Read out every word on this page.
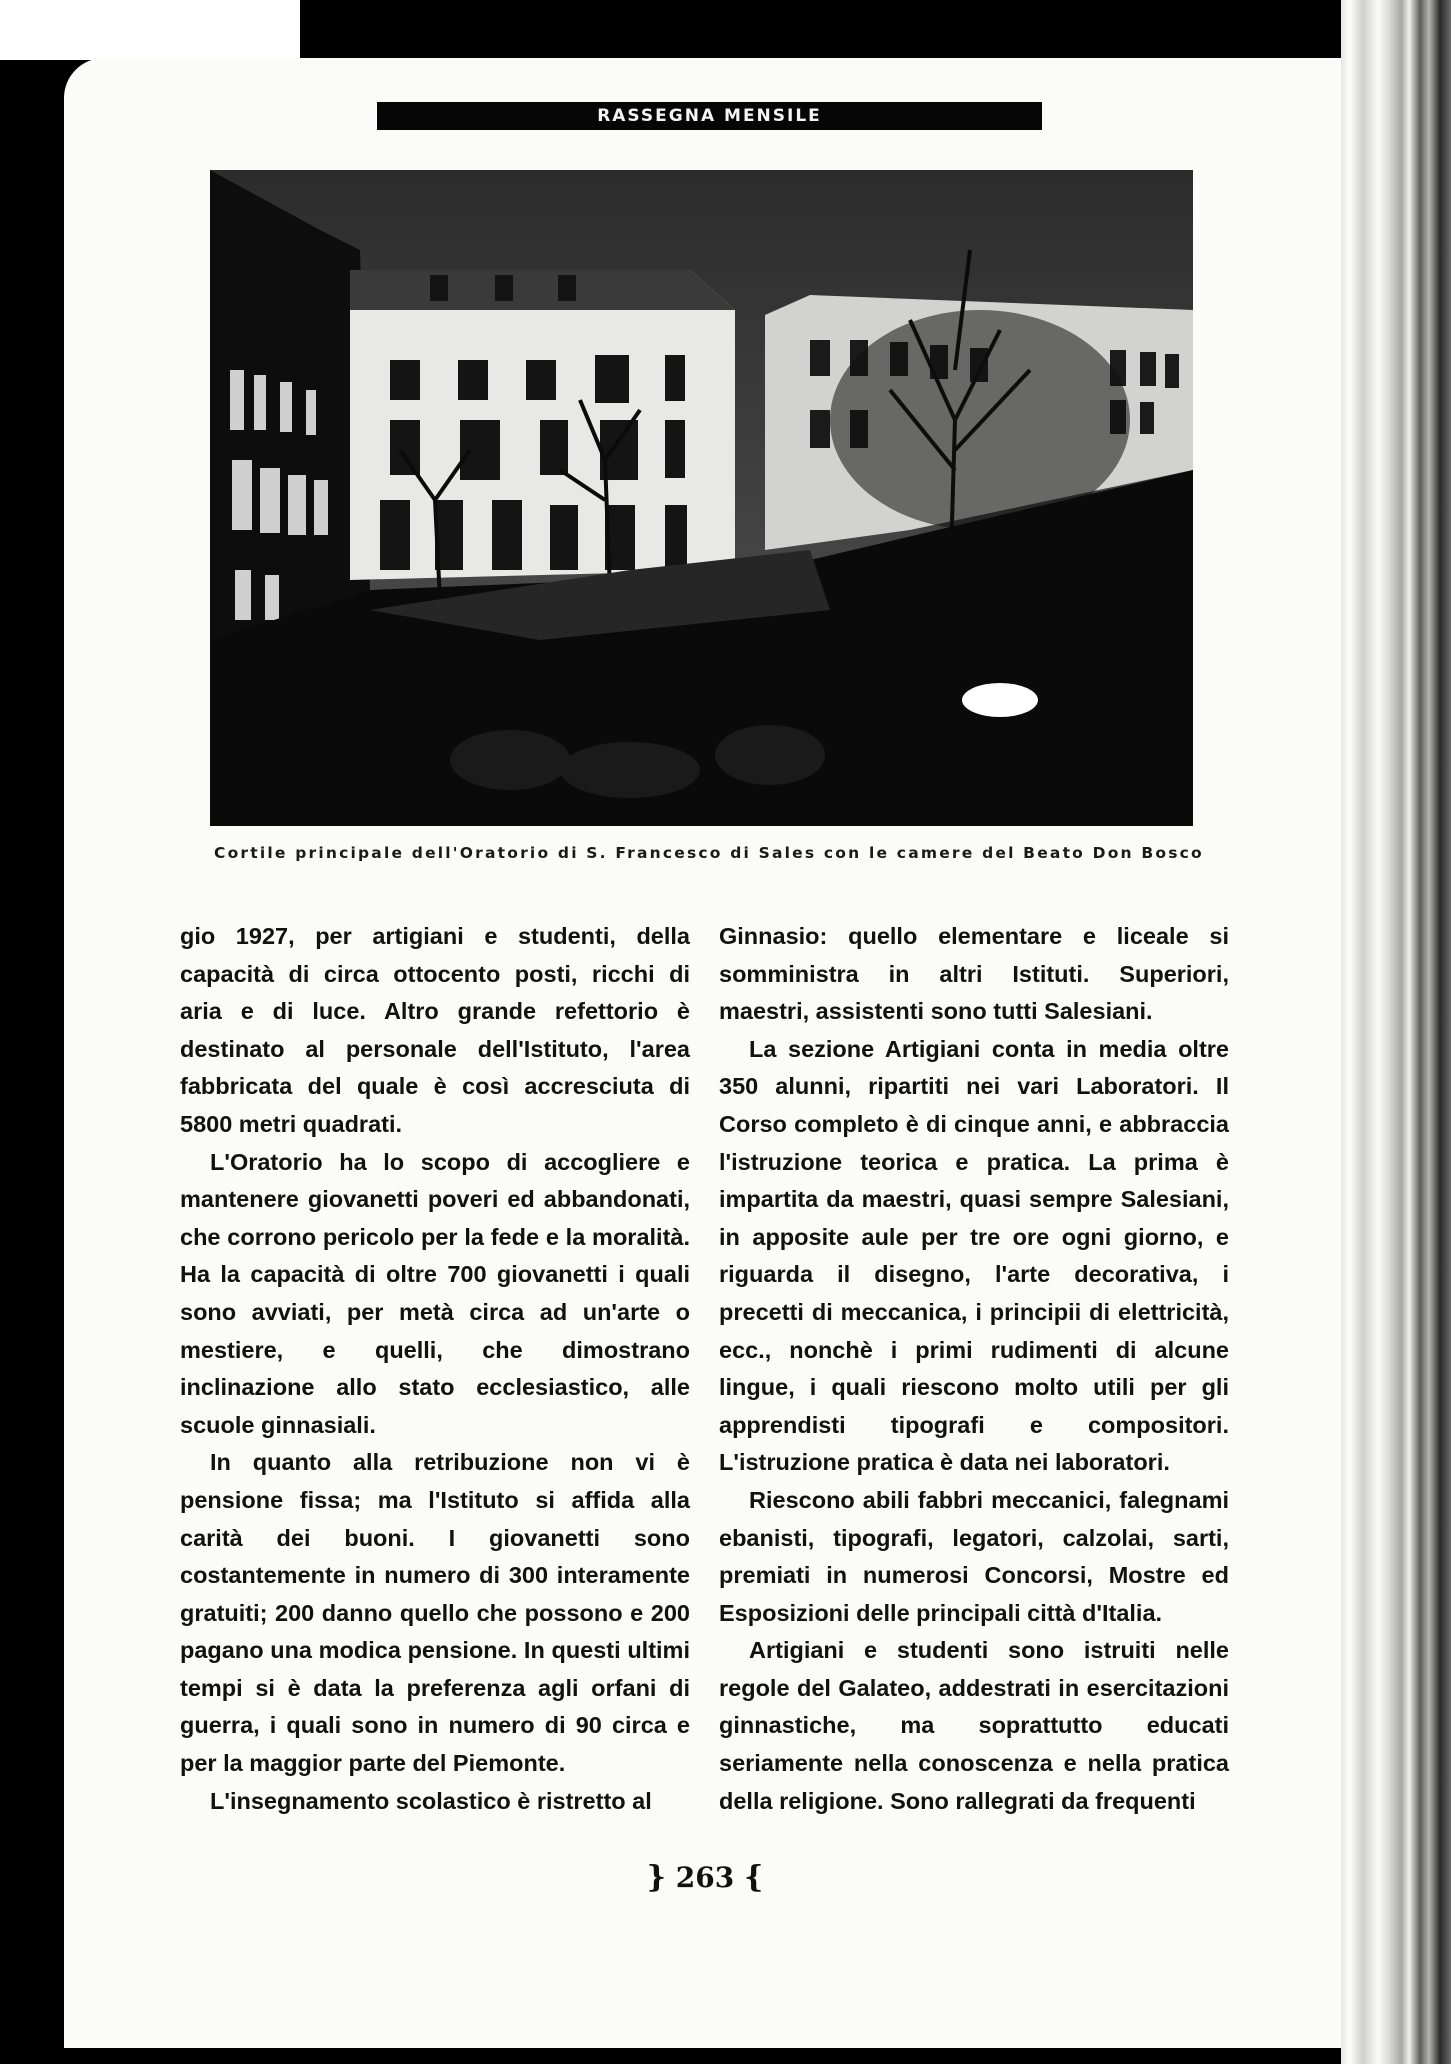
RASSEGNA MENSILE
Cortile principale dell'Oratorio di S. Francesco di Sales con le camere del Beato Don Bosco

gio 1927, per artigiani e studenti, della capacità di circa ottocento posti, ricchi di aria e di luce. Altro grande refettorio è destinato al personale dell'Istituto, l'area fabbricata del quale è così accresciuta di 5800 metri quadrati.

L'Oratorio ha lo scopo di accogliere e mantenere giovanetti poveri ed abbandonati, che corrono pericolo per la fede e la moralità. Ha la capacità di oltre 700 giovanetti i quali sono avviati, per metà circa ad un'arte o mestiere, e quelli, che dimostrano inclinazione allo stato ecclesiastico, alle scuole ginnasiali.

In quanto alla retribuzione non vi è pensione fissa; ma l'Istituto si affida alla carità dei buoni. I giovanetti sono costantemente in numero di 300 interamente gratuiti; 200 danno quello che possono e 200 pagano una modica pensione. In questi ultimi tempi si è data la preferenza agli orfani di guerra, i quali sono in numero di 90 circa e per la maggior parte del Piemonte.

L'insegnamento scolastico è ristretto al

Ginnasio: quello elementare e liceale si somministra in altri Istituti. Superiori, maestri, assistenti sono tutti Salesiani.

La sezione Artigiani conta in media oltre 350 alunni, ripartiti nei vari Laboratori. Il Corso completo è di cinque anni, e abbraccia l'istruzione teorica e pratica. La prima è impartita da maestri, quasi sempre Salesiani, in apposite aule per tre ore ogni giorno, e riguarda il disegno, l'arte decorativa, i precetti di meccanica, i principii di elettricità, ecc., nonchè i primi rudimenti di alcune lingue, i quali riescono molto utili per gli apprendisti tipografi e compositori. L'istruzione pratica è data nei laboratori.

Riescono abili fabbri meccanici, falegnami ebanisti, tipografi, legatori, calzolai, sarti, premiati in numerosi Concorsi, Mostre ed Esposizioni delle principali città d'Italia.

Artigiani e studenti sono istruiti nelle regole del Galateo, addestrati in esercitazioni ginnastiche, ma soprattutto educati seriamente nella conoscenza e nella pratica della religione. Sono rallegrati da frequenti

} 263 {
